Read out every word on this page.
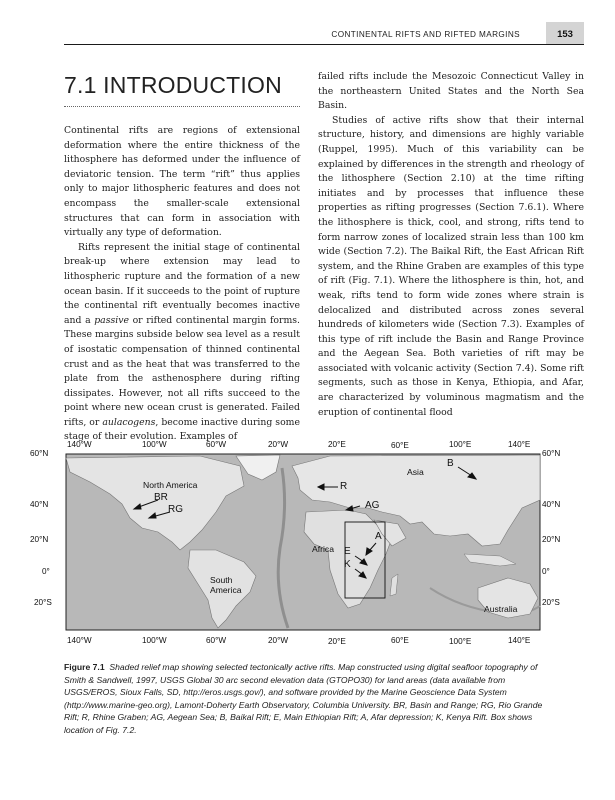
CONTINENTAL RIFTS AND RIFTED MARGINS	153
7.1 INTRODUCTION

Continental rifts are regions of extensional deformation where the entire thickness of the lithosphere has deformed under the influence of deviatoric tension. The term “rift” thus applies only to major lithospheric features and does not encompass the smaller-scale extensional structures that can form in association with virtually any type of deformation.

Rifts represent the initial stage of continental break-up where extension may lead to lithospheric rupture and the formation of a new ocean basin. If it succeeds to the point of rupture the continental rift eventually becomes inactive and a passive or rifted continental margin forms. These margins subside below sea level as a result of isostatic compensation of thinned continental crust and as the heat that was transferred to the plate from the asthenosphere during rifting dissipates. However, not all rifts succeed to the point where new ocean crust is generated. Failed rifts, or aulacogens, become inactive during some stage of their evolution. Examples of

failed rifts include the Mesozoic Connecticut Valley in the northeastern United States and the North Sea Basin.

Studies of active rifts show that their internal structure, history, and dimensions are highly variable (Ruppel, 1995). Much of this variability can be explained by differences in the strength and rheology of the lithosphere (Section 2.10) at the time rifting initiates and by processes that influence these properties as rifting progresses (Section 7.6.1). Where the lithosphere is thick, cool, and strong, rifts tend to form narrow zones of localized strain less than 100 km wide (Section 7.2). The Baikal Rift, the East African Rift system, and the Rhine Graben are examples of this type of rift (Fig. 7.1). Where the lithosphere is thin, hot, and weak, rifts tend to form wide zones where strain is delocalized and distributed across zones several hundreds of kilometers wide (Section 7.3). Examples of this type of rift include the Basin and Range Province and the Aegean Sea. Both varieties of rift may be associated with volcanic activity (Section 7.4). Some rift segments, such as those in Kenya, Ethiopia, and Afar, are characterized by voluminous magmatism and the eruption of continental flood

140°W	100°W	60°W	20°W	20°E	60°E	100°E	140°E
140°W	100°W	60°W	20°W	20°E	60°E	100°E	140°E
60°N
40°N
20°N
0°
20°S
60°N
40°N
20°N
0°
20°S
North America
South America
Africa
Asia
Australia
BR
RG
R
AG
B
A
E
K
Figure 7.1 Shaded relief map showing selected tectonically active rifts. Map constructed using digital seafloor topography of Smith & Sandwell, 1997, USGS Global 30 arc second elevation data (GTOPO30) for land areas (data available from USGS/EROS, Sioux Falls, SD, http://eros.usgs.gov/), and software provided by the Marine Geoscience Data System (http://www.marine-geo.org), Lamont-Doherty Earth Observatory, Columbia University. BR, Basin and Range; RG, Rio Grande Rift; R, Rhine Graben; AG, Aegean Sea; B, Baikal Rift; E, Main Ethiopian Rift; A, Afar depression; K, Kenya Rift. Box shows location of Fig. 7.2.
